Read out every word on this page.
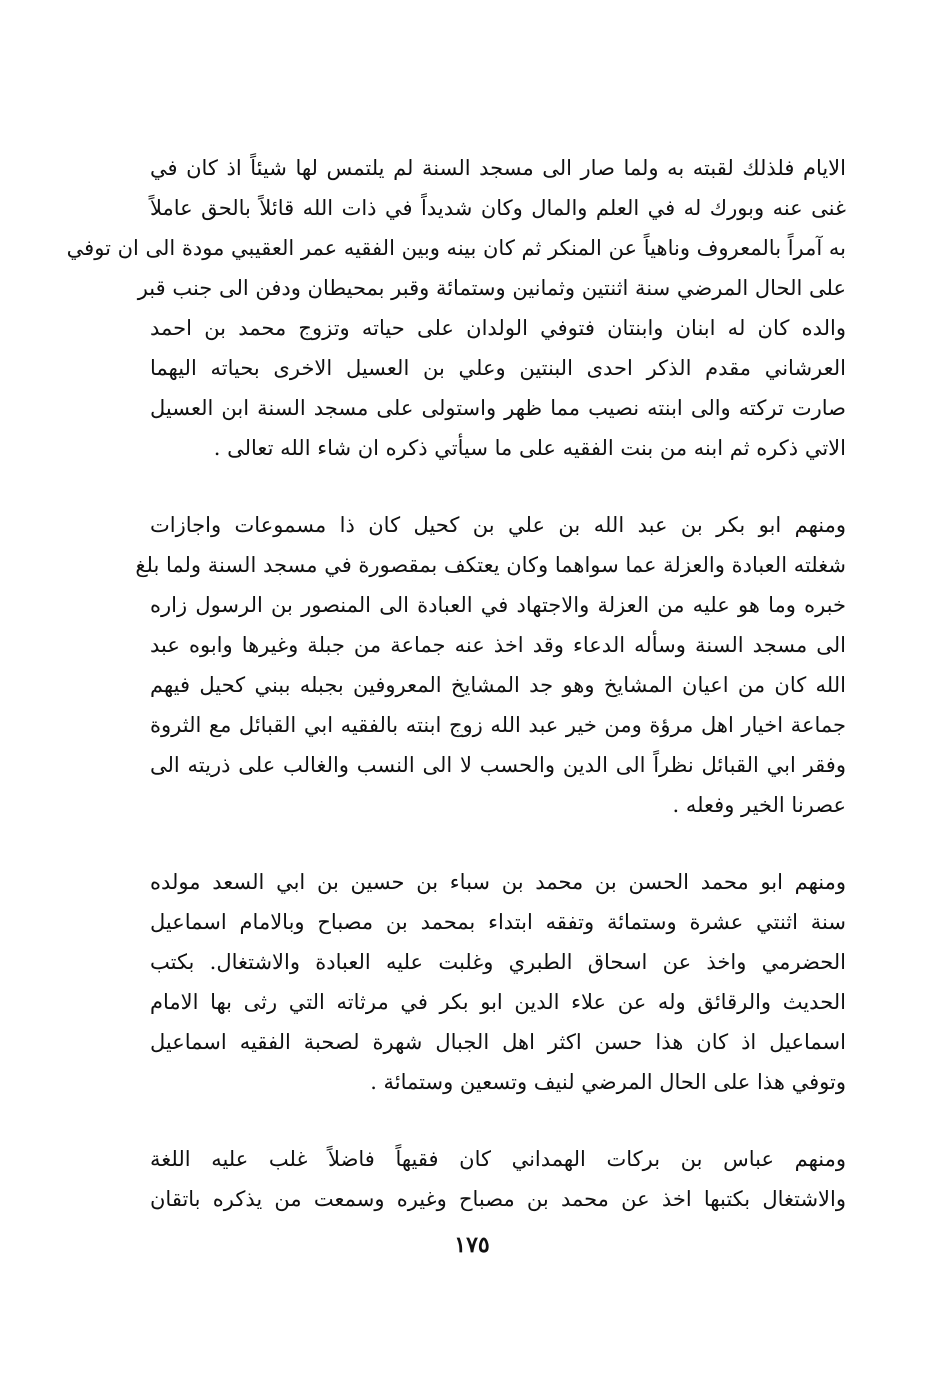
الايام فلذلك لقبته به ولما صار الى مسجد السنة لم يلتمس لها شيئاً اذ كان في
غنى عنه وبورك له في العلم والمال وكان شديداً في ذات الله قائلاً بالحق عاملاً
به آمراً بالمعروف وناهياً عن المنكر ثم كان بينه وبين الفقيه عمر العقيبي مودة الى ان توفي
على الحال المرضي سنة اثنتين وثمانين وستمائة وقبر بمحيطان ودفن الى جنب قبر
والده كان له ابنان وابنتان فتوفي الولدان على حياته وتزوج محمد بن احمد
العرشاني مقدم الذكر احدى البنتين وعلي بن العسيل الاخرى بحياته اليهما
صارت تركته والى ابنته نصيب مما ظهر واستولى على مسجد السنة ابن العسيل
الاتي ذكره ثم ابنه من بنت الفقيه على ما سيأتي ذكره ان شاء الله تعالى .
ومنهم ابو بكر بن عبد الله بن علي بن كحيل كان ذا مسموعات واجازات
شغلته العبادة والعزلة عما سواهما وكان يعتكف بمقصورة في مسجد السنة ولما بلغ
خبره وما هو عليه من العزلة والاجتهاد في العبادة الى المنصور بن الرسول زاره
الى مسجد السنة وسأله الدعاء وقد اخذ عنه جماعة من جبلة وغيرها وابوه عبد
الله كان من اعيان المشايخ وهو جد المشايخ المعروفين بجبله ببني كحيل فيهم
جماعة اخيار اهل مرؤة ومن خير عبد الله زوج ابنته بالفقيه ابي القبائل مع الثروة
وفقر ابي القبائل نظراً الى الدين والحسب لا الى النسب والغالب على ذريته الى
عصرنا الخير وفعله .
ومنهم ابو محمد الحسن بن محمد بن سباء بن حسين بن ابي السعد مولده
سنة اثنتي عشرة وستمائة وتفقه ابتداء بمحمد بن مصباح وبالامام اسماعيل
الحضرمي واخذ عن اسحاق الطبري وغلبت عليه العبادة والاشتغال. بكتب
الحديث والرقائق وله عن علاء الدين ابو بكر في مرثاته التي رثى بها الامام
اسماعيل اذ كان هذا حسن اكثر اهل الجبال شهرة لصحبة الفقيه اسماعيل
وتوفي هذا على الحال المرضي لنيف وتسعين وستمائة .
ومنهم عباس بن بركات الهمداني كان فقيهاً فاضلاً غلب عليه اللغة
والاشتغال بكتبها اخذ عن محمد بن مصباح وغيره وسمعت من يذكره باتقان
١٧٥
